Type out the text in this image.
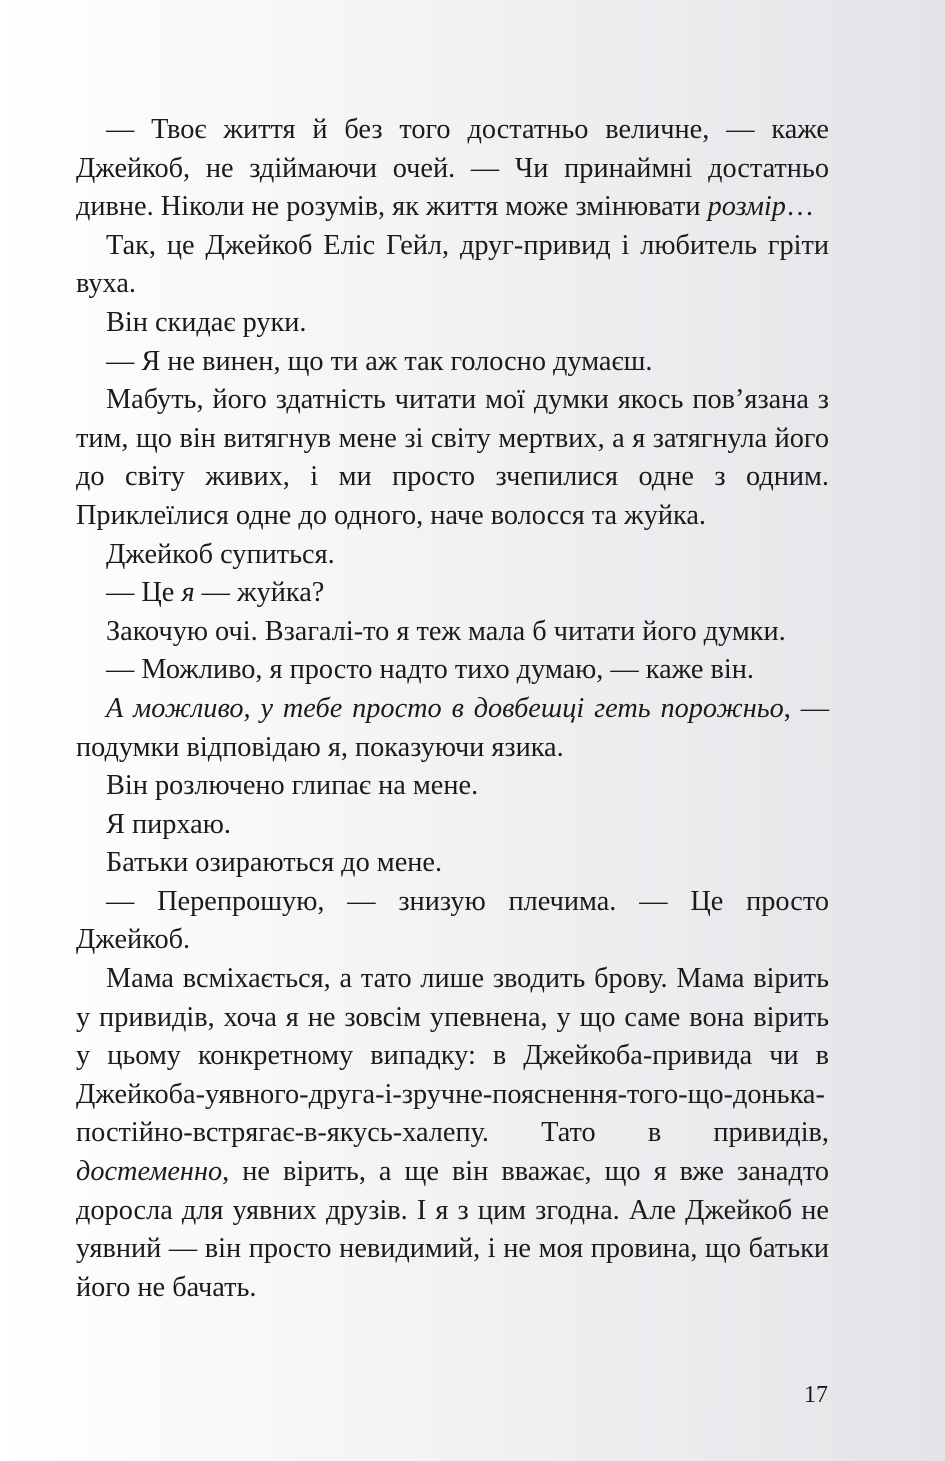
— Твоє життя й без того достатньо величне, — каже Джейкоб, не здіймаючи очей. — Чи принаймні достатньо дивне. Ніколи не розумів, як життя може змінювати розмір…

Так, це Джейкоб Еліс Гейл, друг-привид і любитель гріти вуха.

Він скидає руки.

— Я не винен, що ти аж так голосно думаєш.

Мабуть, його здатність читати мої думки якось пов’язана з тим, що він витягнув мене зі світу мертвих, а я затягнула його до світу живих, і ми просто зчепилися одне з одним. Приклеїлися одне до одного, наче волосся та жуйка.

Джейкоб супиться.

— Це я — жуйка?

Закочую очі. Взагалі-то я теж мала б читати його думки.

— Можливо, я просто надто тихо думаю, — каже він.

А можливо, у тебе просто в довбешці геть порожньо, — подумки відповідаю я, показуючи язика.

Він розлючено глипає на мене.

Я пирхаю.

Батьки озираються до мене.

— Перепрошую, — знизую плечима. — Це просто Джейкоб.

Мама всміхається, а тато лише зводить брову. Мама вірить у привидів, хоча я не зовсім упевнена, у що саме вона вірить у цьому конкретному випадку: в Джейкоба-привида чи в Джейкоба-уявного-друга-і-зручне-пояснення-того-що-донька-постійно-встрягає-в-якусь-халепу. Тато в привидів, достеменно, не вірить, а ще він вважає, що я вже занадто доросла для уявних друзів. І я з цим згодна. Але Джейкоб не уявний — він просто невидимий, і не моя провина, що батьки його не бачать.

17
